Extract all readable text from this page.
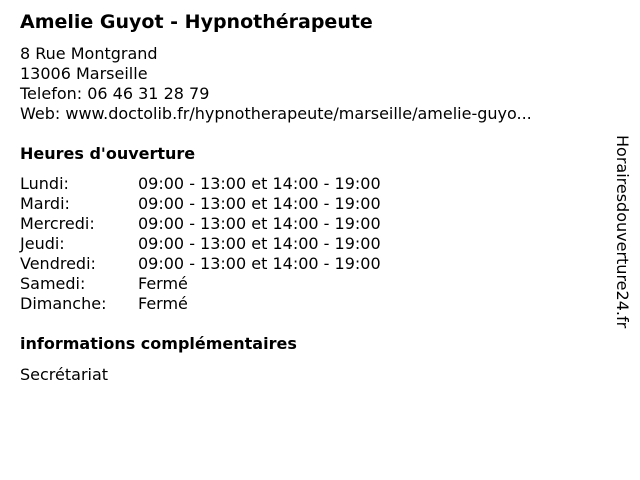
Amelie Guyot - Hypnothérapeute
8 Rue Montgrand
13006 Marseille
Telefon: 06 46 31 28 79
Web: www.doctolib.fr/hypnotherapeute/marseille/amelie-guyo...
Heures d'ouverture
Lundi:	09:00 - 13:00 et 14:00 - 19:00
Mardi:	09:00 - 13:00 et 14:00 - 19:00
Mercredi:	09:00 - 13:00 et 14:00 - 19:00
Jeudi:	09:00 - 13:00 et 14:00 - 19:00
Vendredi:	09:00 - 13:00 et 14:00 - 19:00
Samedi:	Fermé
Dimanche:	Fermé
informations complémentaires
Secrétariat
Horairesdouverture24.fr
